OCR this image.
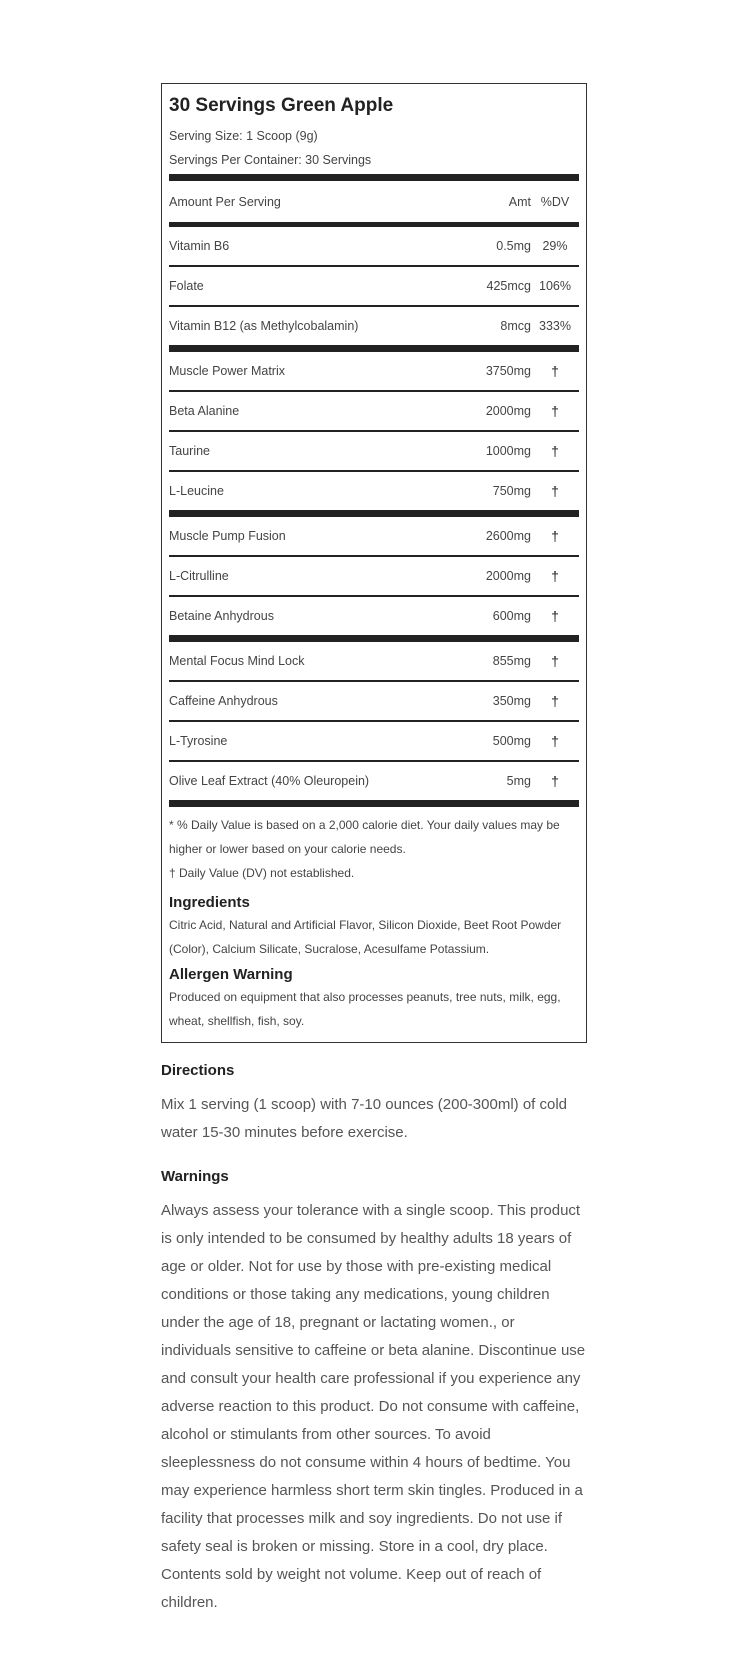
30 Servings Green Apple
Serving Size: 1 Scoop (9g)
Servings Per Container: 30 Servings
Amount Per Serving	Amt %DV
Vitamin B6	0.5mg 29%
Folate	425mcg 106%
Vitamin B12 (as Methylcobalamin)	8mcg 333%
Muscle Power Matrix	3750mg	†
Beta Alanine	2000mg	†
Taurine	1000mg	†
L-Leucine	750mg	†
Muscle Pump Fusion	2600mg	†
L-Citrulline	2000mg	†
Betaine Anhydrous	600mg	†
Mental Focus Mind Lock	855mg	†
Caffeine Anhydrous	350mg	†
L-Tyrosine	500mg	†
Olive Leaf Extract (40% Oleuropein)	5mg	†
* % Daily Value is based on a 2,000 calorie diet. Your daily values may be higher or lower based on your calorie needs.
† Daily Value (DV) not established.
Ingredients
Citric Acid, Natural and Artificial Flavor, Silicon Dioxide, Beet Root Powder (Color), Calcium Silicate, Sucralose, Acesulfame Potassium.
Allergen Warning
Produced on equipment that also processes peanuts, tree nuts, milk, egg, wheat, shellfish, fish, soy.
Directions
Mix 1 serving (1 scoop) with 7-10 ounces (200-300ml) of cold water 15-30 minutes before exercise.
Warnings
Always assess your tolerance with a single scoop. This product is only intended to be consumed by healthy adults 18 years of age or older. Not for use by those with pre-existing medical conditions or those taking any medications, young children under the age of 18, pregnant or lactating women., or individuals sensitive to caffeine or beta alanine. Discontinue use and consult your health care professional if you experience any adverse reaction to this product. Do not consume with caffeine, alcohol or stimulants from other sources. To avoid sleeplessness do not consume within 4 hours of bedtime. You may experience harmless short term skin tingles. Produced in a facility that processes milk and soy ingredients. Do not use if safety seal is broken or missing. Store in a cool, dry place. Contents sold by weight not volume. Keep out of reach of children.
